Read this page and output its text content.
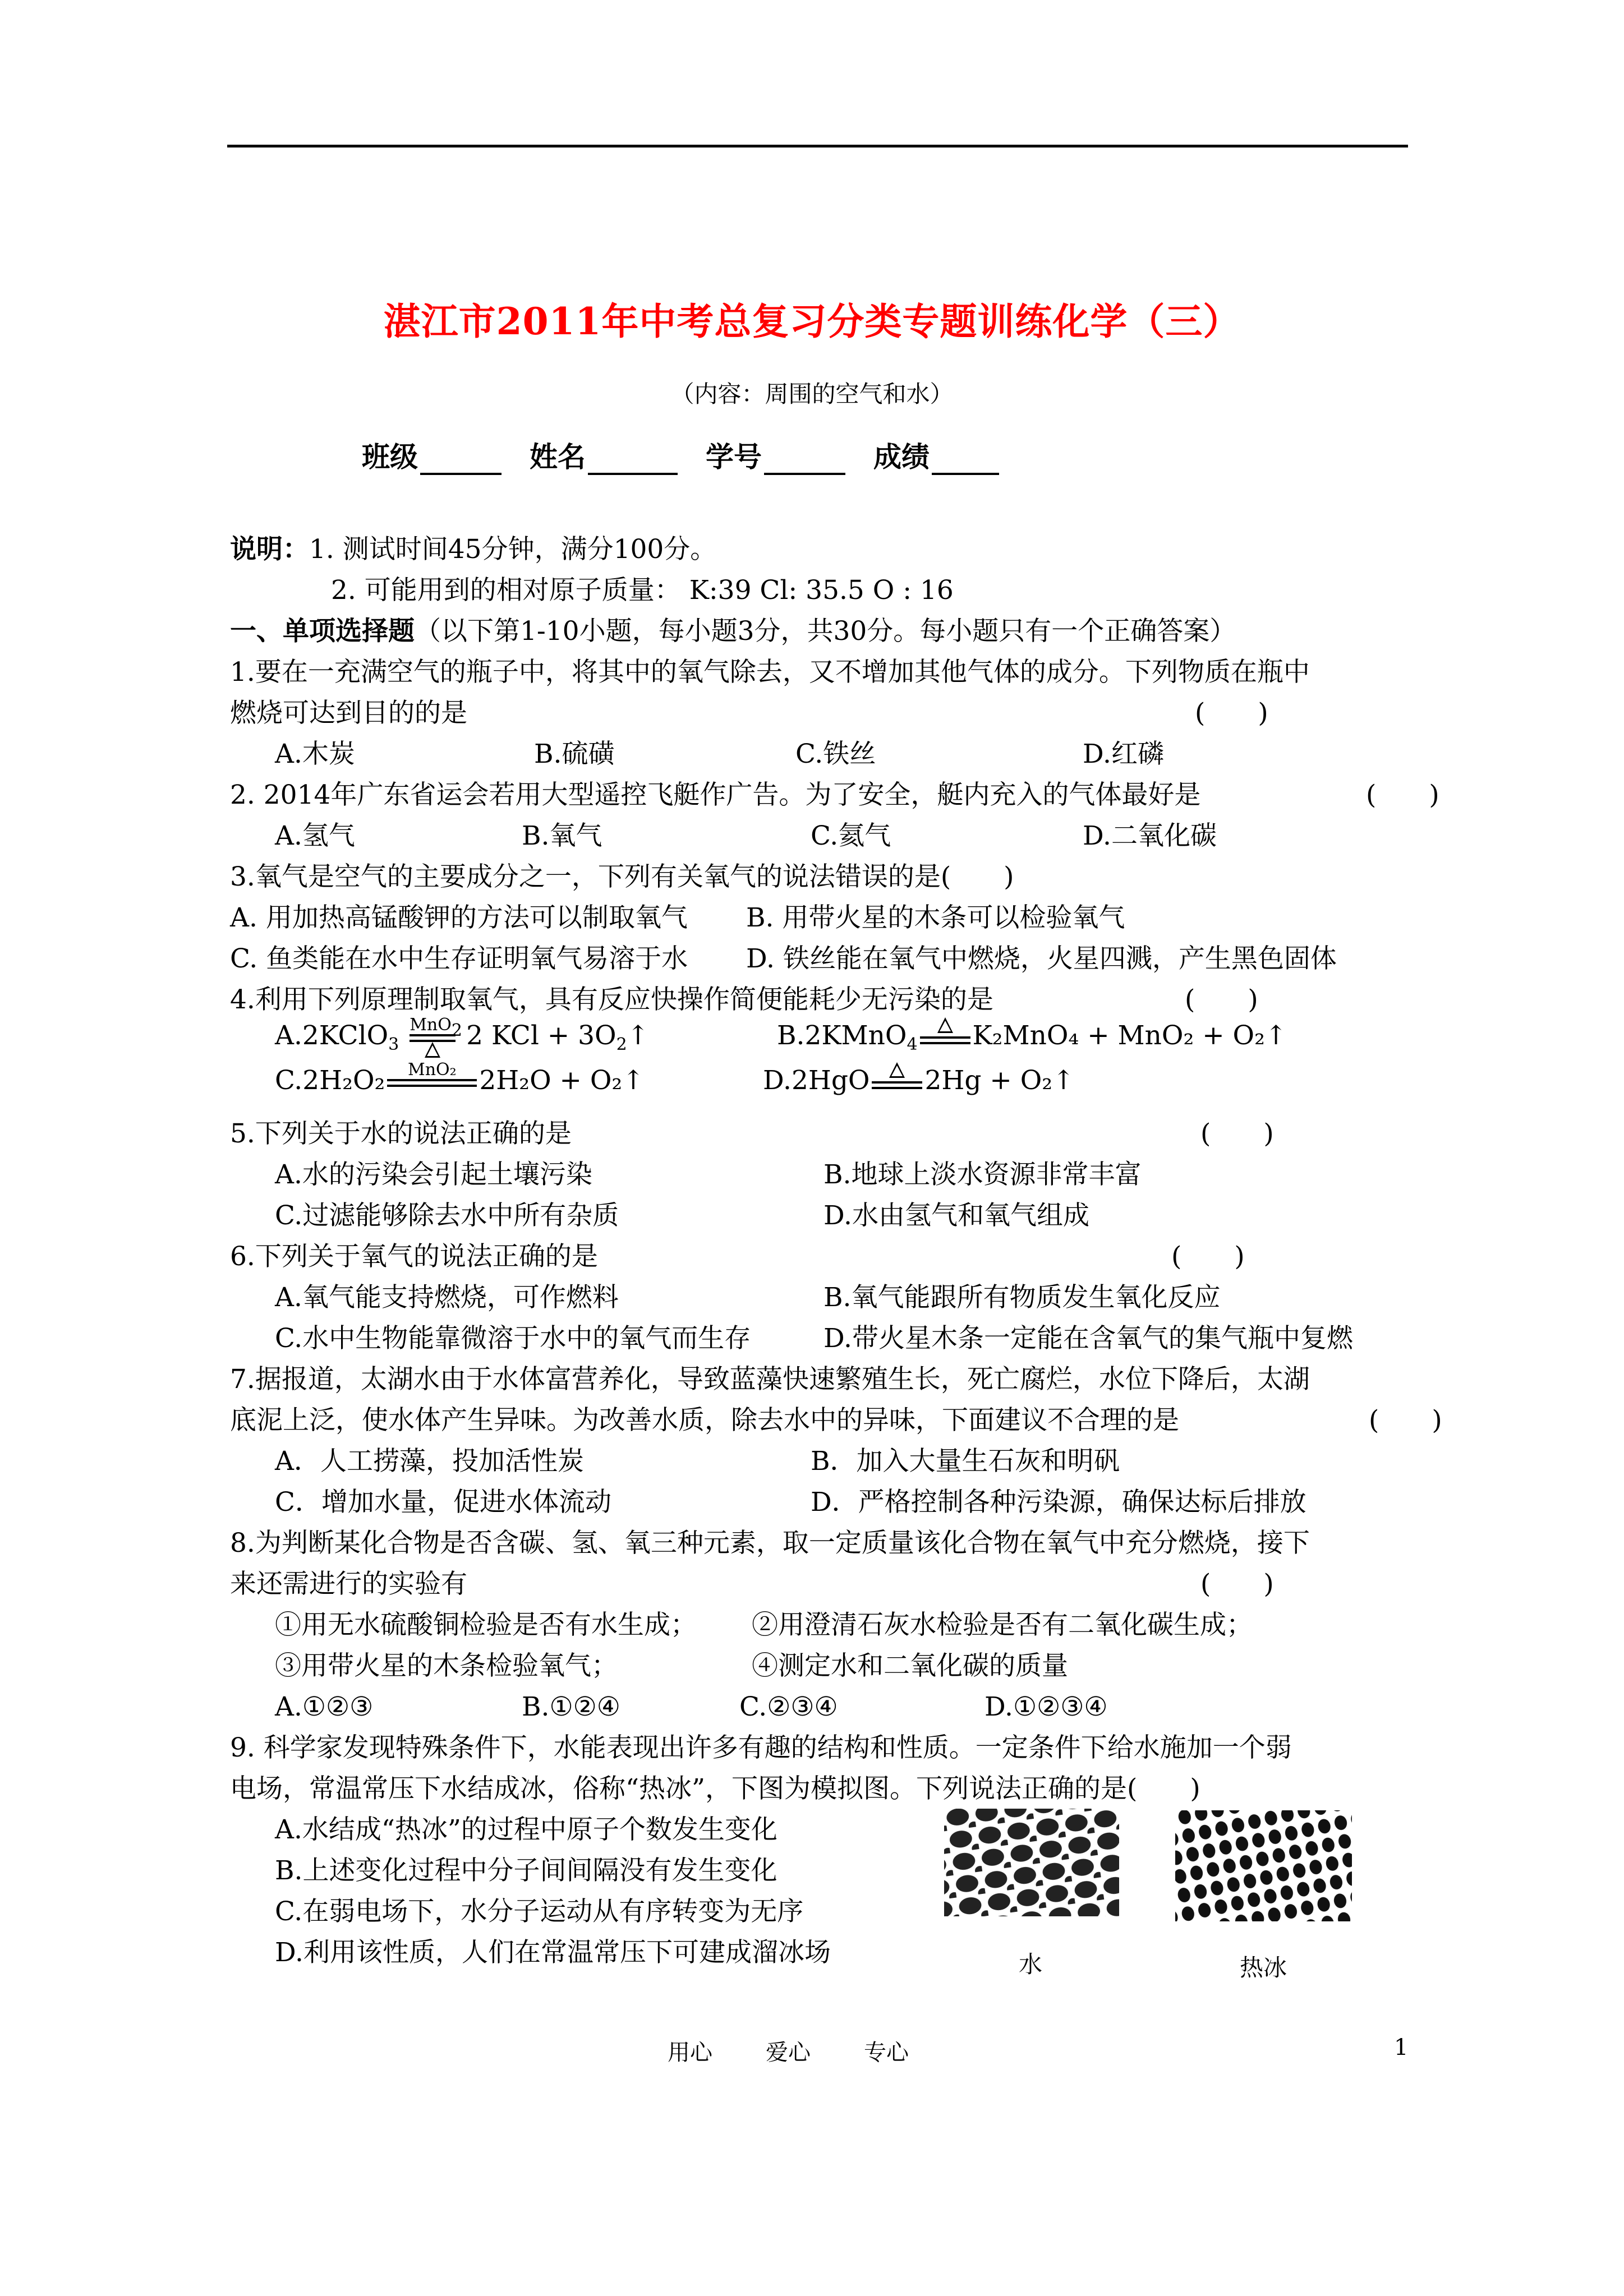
湛江市2011年中考总复习分类专题训练化学（三）
（内容：周围的空气和水）
班级	姓名	学号	成绩
说明：1. 测试时间45分钟，满分100分。
2. 可能用到的相对原子质量： K:39 Cl: 35.5 O : 16
一、单项选择题（以下第1-10小题，每小题3分，共30分。每小题只有一个正确答案）
1.要在一充满空气的瓶子中，将其中的氧气除去，又不增加其他气体的成分。下列物质在瓶中
燃烧可达到目的的是	(　　)
A.木炭	B.硫磺	C.铁丝	D.红磷
2. 2014年广东省运会若用大型遥控飞艇作广告。为了安全，艇内充入的气体最好是	(　　)
A.氢气	B.氧气	C.氦气	D.二氧化碳
3.氧气是空气的主要成分之一，下列有关氧气的说法错误的是(　　)
A. 用加热高锰酸钾的方法可以制取氧气 B. 用带火星的木条可以检验氧气
C. 鱼类能在水中生存证明氧气易溶于水 D. 铁丝能在氧气中燃烧，火星四溅，产生黑色固体
4.利用下列原理制取氧气，具有反应快操作简便能耗少无污染的是	(　　)
A.2KClO$_3$
MnO$_2$ 2 KCl + $3O_2↑$	B.2KMnO$_4$ K₂MnO₄ + MnO₂ + O₂↑
C.2H₂O₂	MnO₂ 2H₂O + O₂↑	D.2HgO 2Hg + O₂↑
5.下列关于水的说法正确的是	(　　)
A.水的污染会引起土壤污染	B.地球上淡水资源非常丰富
C.过滤能够除去水中所有杂质	D.水由氢气和氧气组成
6.下列关于氧气的说法正确的是	(　　)
A.氧气能支持燃烧，可作燃料	B.氧气能跟所有物质发生氧化反应
C.水中生物能靠微溶于水中的氧气而生存	D.带火星木条一定能在含氧气的集气瓶中复燃
7.据报道，太湖水由于水体富营养化，导致蓝藻快速繁殖生长，死亡腐烂，水位下降后，太湖
底泥上泛，使水体产生异味。为改善水质，除去水中的异味，下面建议不合理的是	(　　)
A．人工捞藻，投加活性炭	B．加入大量生石灰和明矾
C．增加水量，促进水体流动	D．严格控制各种污染源，确保达标后排放
8.为判断某化合物是否含碳、氢、氧三种元素，取一定质量该化合物在氧气中充分燃烧，接下
来还需进行的实验有	(　　)
①用无水硫酸铜检验是否有水生成； ②用澄清石灰水检验是否有二氧化碳生成；
③用带火星的木条检验氧气；	④测定水和二氧化碳的质量
A.①②③	B.①②④	C.②③④	D.①②③④
9. 科学家发现特殊条件下，水能表现出许多有趣的结构和性质。一定条件下给水施加一个弱
电场，常温常压下水结成冰，俗称“热冰”，下图为模拟图。下列说法正确的是(　　)
A.水结成“热冰”的过程中原子个数发生变化
B.上述变化过程中分子间间隔没有发生变化
C.在弱电场下，水分子运动从有序转变为无序
D.利用该性质，人们在常温常压下可建成溜冰场	水	热冰
用心 爱心 专心	1
